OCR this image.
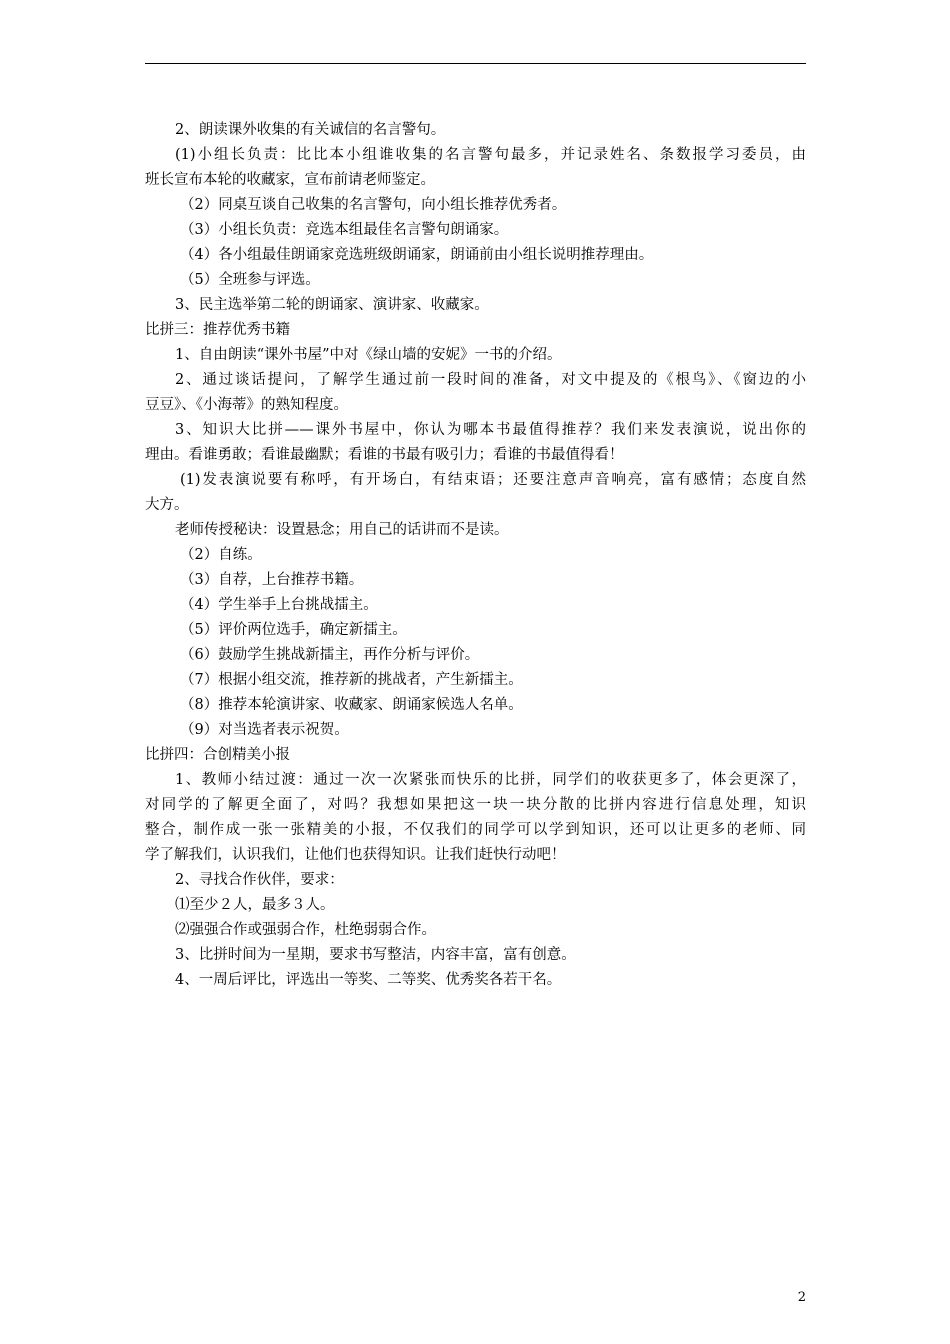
2、朗读课外收集的有关诚信的名言警句。
(1)小组长负责：比比本小组谁收集的名言警句最多，并记录姓名、条数报学习委员，由
班长宣布本轮的收藏家，宣布前请老师鉴定。
（2）同桌互谈自己收集的名言警句，向小组长推荐优秀者。
（3）小组长负责：竞选本组最佳名言警句朗诵家。
（4）各小组最佳朗诵家竞选班级朗诵家，朗诵前由小组长说明推荐理由。
（5）全班参与评选。
3、民主选举第二轮的朗诵家、演讲家、收藏家。
比拼三：推荐优秀书籍
1、自由朗读“课外书屋”中对《绿山墙的安妮》一书的介绍。
2、通过谈话提问，了解学生通过前一段时间的准备，对文中提及的《根鸟》、《窗边的小
豆豆》、《小海蒂》的熟知程度。
3、知识大比拼——课外书屋中，你认为哪本书最值得推荐？我们来发表演说，说出你的
理由。看谁勇敢；看谁最幽默；看谁的书最有吸引力；看谁的书最值得看！
(1)发表演说要有称呼，有开场白，有结束语；还要注意声音响亮，富有感情；态度自然
大方。
老师传授秘诀：设置悬念；用自己的话讲而不是读。
（2）自练。
（3）自荐，上台推荐书籍。
（4）学生举手上台挑战擂主。
（5）评价两位选手，确定新擂主。
（6）鼓励学生挑战新擂主，再作分析与评价。
（7）根据小组交流，推荐新的挑战者，产生新擂主。
（8）推荐本轮演讲家、收藏家、朗诵家候选人名单。
（9）对当选者表示祝贺。
比拼四：合创精美小报
1、教师小结过渡：通过一次一次紧张而快乐的比拼，同学们的收获更多了，体会更深了，
对同学的了解更全面了，对吗？我想如果把这一块一块分散的比拼内容进行信息处理，知识
整合，制作成一张一张精美的小报，不仅我们的同学可以学到知识，还可以让更多的老师、同
学了解我们，认识我们，让他们也获得知识。让我们赶快行动吧！
2、寻找合作伙伴，要求：
⑴至少２人，最多３人。
⑵强强合作或强弱合作，杜绝弱弱合作。
3、比拼时间为一星期，要求书写整洁，内容丰富，富有创意。
4、一周后评比，评选出一等奖、二等奖、优秀奖各若干名。
2
